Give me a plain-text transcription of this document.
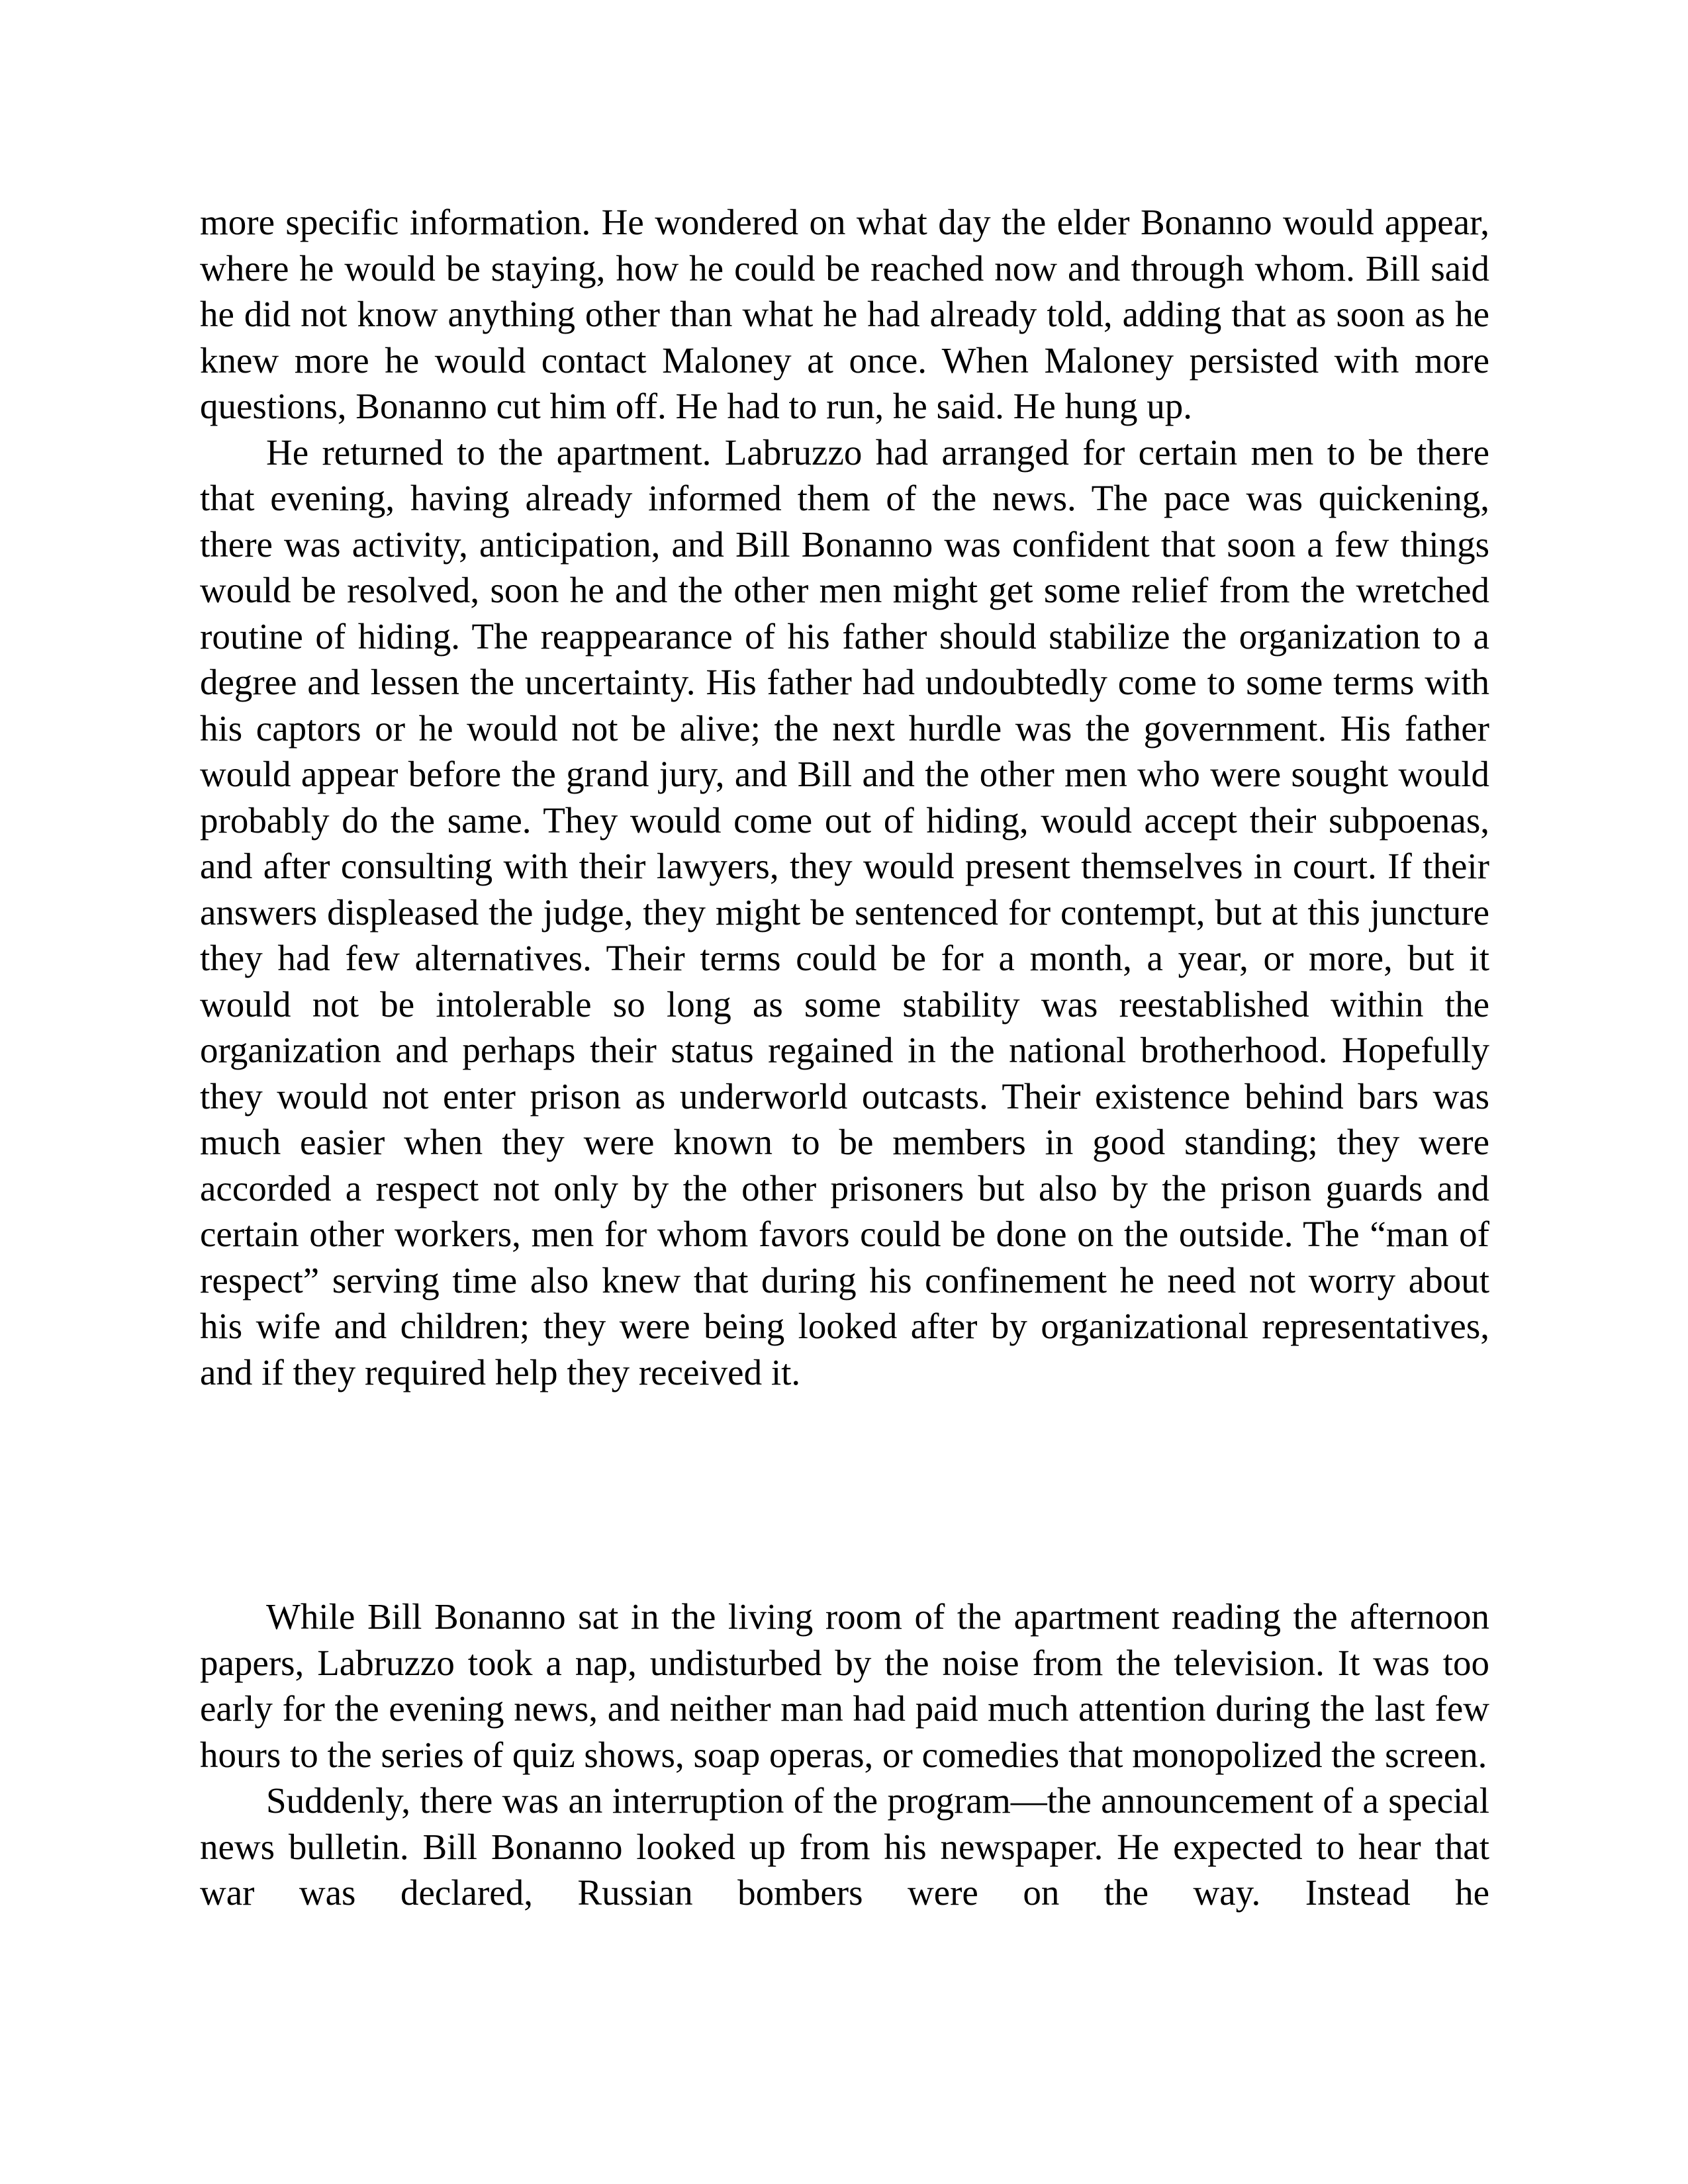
more specific information. He wondered on what day the elder Bonanno would appear, where he would be staying, how he could be reached now and through whom. Bill said he did not know anything other than what he had already told, adding that as soon as he knew more he would contact Maloney at once. When Maloney persisted with more questions, Bonanno cut him off. He had to run, he said. He hung up.

He returned to the apartment. Labruzzo had arranged for certain men to be there that evening, having already informed them of the news. The pace was quickening, there was activity, anticipation, and Bill Bonanno was confident that soon a few things would be resolved, soon he and the other men might get some relief from the wretched routine of hiding. The reappearance of his father should stabilize the organization to a degree and lessen the uncertainty. His father had undoubtedly come to some terms with his captors or he would not be alive; the next hurdle was the government. His father would appear before the grand jury, and Bill and the other men who were sought would probably do the same. They would come out of hiding, would accept their subpoenas, and after consulting with their lawyers, they would present themselves in court. If their answers displeased the judge, they might be sentenced for contempt, but at this juncture they had few alternatives. Their terms could be for a month, a year, or more, but it would not be intolerable so long as some stability was reestablished within the organization and perhaps their status regained in the national brotherhood. Hopefully they would not enter prison as underworld outcasts. Their existence behind bars was much easier when they were known to be members in good standing; they were accorded a respect not only by the other prisoners but also by the prison guards and certain other workers, men for whom favors could be done on the outside. The “man of respect” serving time also knew that during his confinement he need not worry about his wife and children; they were being looked after by organizational representatives, and if they required help they received it.

While Bill Bonanno sat in the living room of the apartment reading the afternoon papers, Labruzzo took a nap, undisturbed by the noise from the television. It was too early for the evening news, and neither man had paid much attention during the last few hours to the series of quiz shows, soap operas, or comedies that monopolized the screen.

Suddenly, there was an interruption of the program—the announcement of a special news bulletin. Bill Bonanno looked up from his newspaper. He expected to hear that war was declared, Russian bombers were on the way. Instead he
